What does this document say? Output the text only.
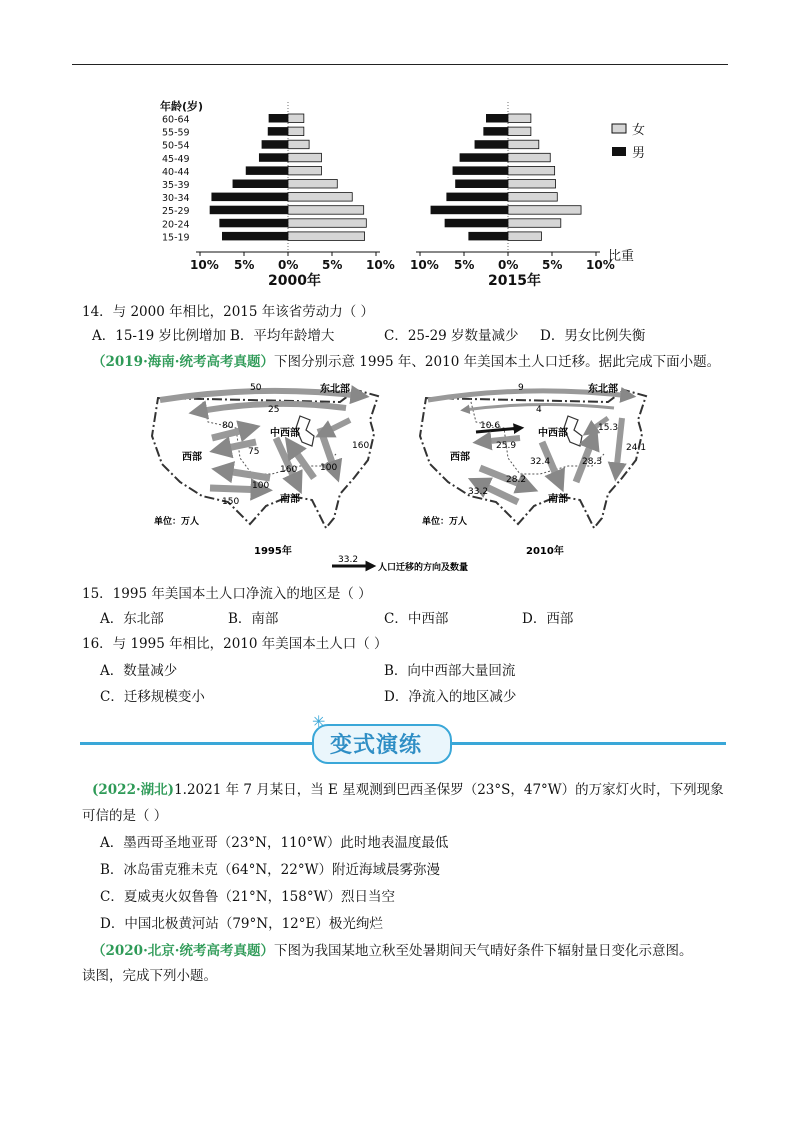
年龄(岁)
60-64
55-59
50-54
45-49
40-44
35-39
30-34
25-29
20-24
15-19
10% 5% 0% 5% 10%
2000年
10% 5% 0% 5% 10%
2015年
女
男
比重
14．与 2000 年相比，2015 年该省劳动力（ ）
A．15-19 岁比例增加 B．平均年龄增大	C．25-29 岁数量减少 D．男女比例失衡
（2019·海南·统考高考真题）下图分别示意 1995 年、2010 年美国本土人口迁移。据此完成下面小题。
50
25
80
75
160
100
100
150
160
东北部
中西部
西部
南部
单位：万人
1995年
9
4
10.6
25.9
32.4
28.2
33.2
28.3
15.3
24.1
东北部
中西部
西部
南部
单位：万人
2010年
33.2
人口迁移的方向及数量
15．1995 年美国本土人口净流入的地区是（ ）
A．东北部	B．南部	C．中西部	D．西部
16．与 1995 年相比，2010 年美国本土人口（ ）
A．数量减少	B．向中西部大量回流
C．迁移规模变小	D．净流入的地区减少
✳
变式演练
(2022·湖北)1.2021 年 7 月某日，当 E 星观测到巴西圣保罗（23°S，47°W）的万家灯火时，下列现象
可信的是（ ）
A．墨西哥圣地亚哥（23°N，110°W）此时地表温度最低
B．冰岛雷克雅未克（64°N，22°W）附近海域晨雾弥漫
C．夏威夷火奴鲁鲁（21°N，158°W）烈日当空
D．中国北极黄河站（79°N，12°E）极光绚烂
（2020·北京·统考高考真题）下图为我国某地立秋至处暑期间天气晴好条件下辐射量日变化示意图。
读图，完成下列小题。
